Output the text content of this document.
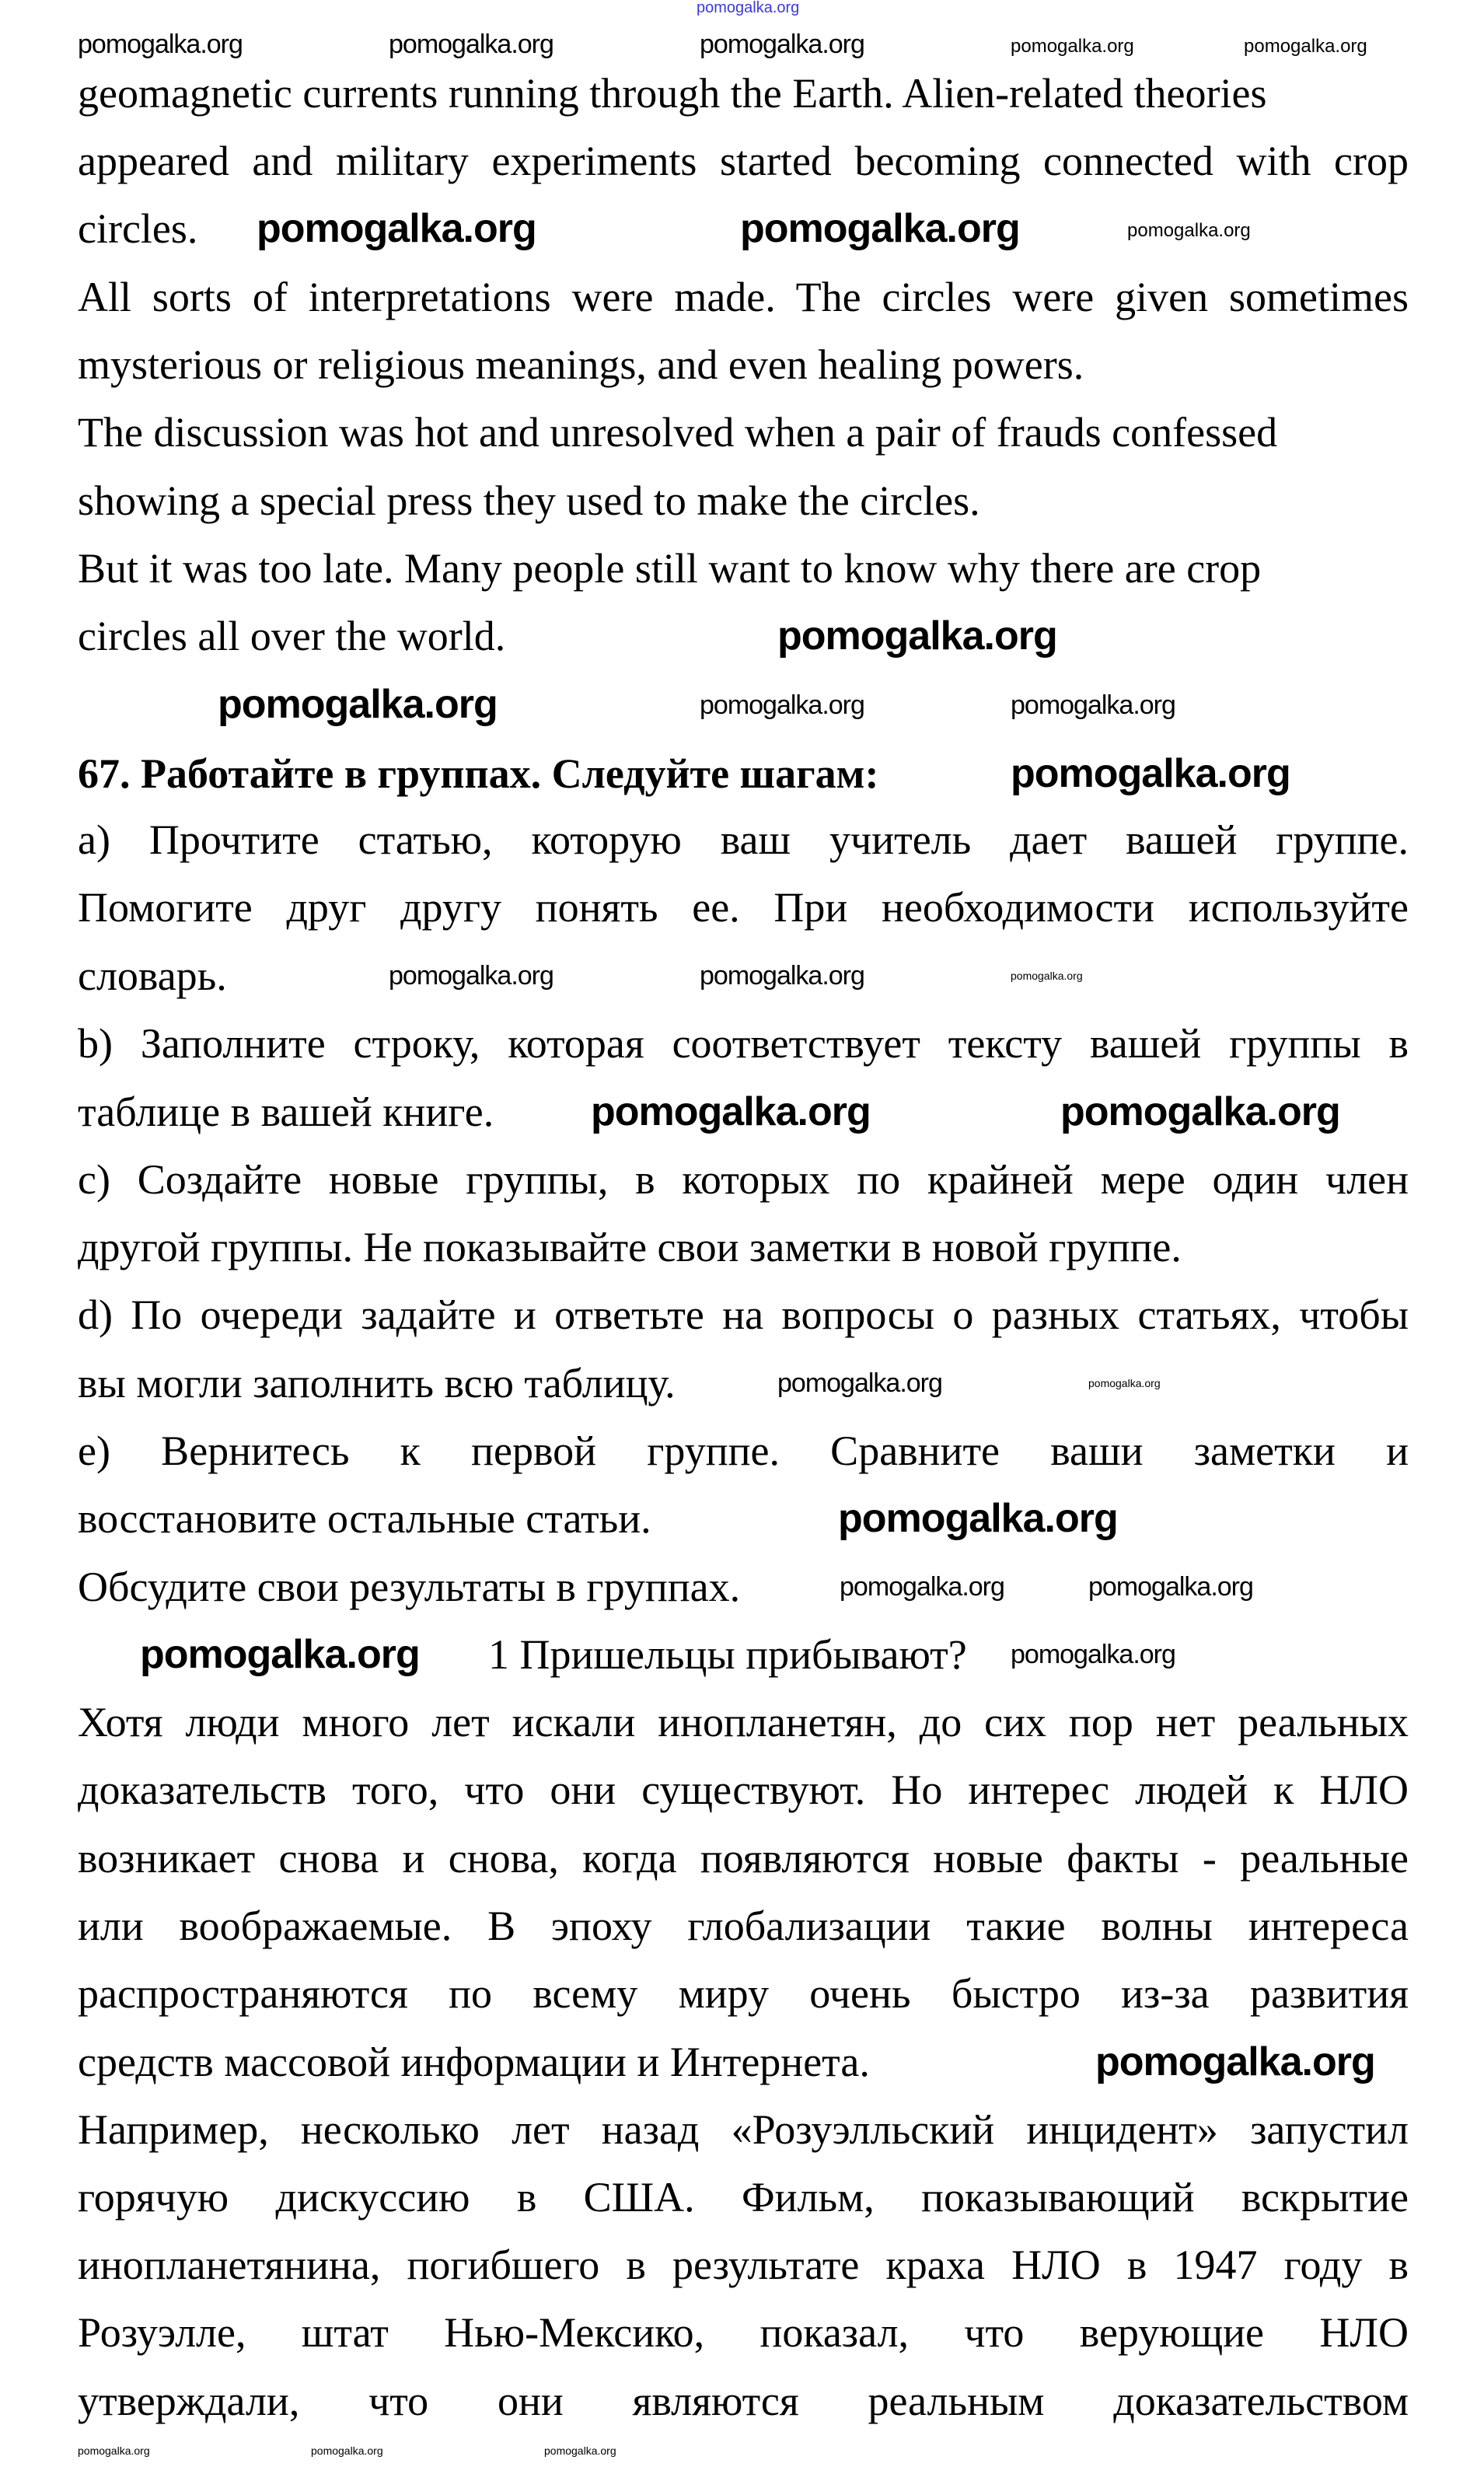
geomagnetic currents running through the Earth. Alien-related theories
appeared and military experiments started becoming connected with crop
circles.
All sorts of interpretations were made. The circles were given sometimes
mysterious or religious meanings, and even healing powers.
The discussion was hot and unresolved when a pair of frauds confessed
showing a special press they used to make the circles.
But it was too late. Many people still want to know why there are crop
circles all over the world.
67. Работайте в группах. Следуйте шагам:
a) Прочтите статью, которую ваш учитель дает вашей группе.
Помогите друг другу понять ее. При необходимости используйте
словарь.
b) Заполните строку, которая соответствует тексту вашей группы в
таблице в вашей книге.
c) Создайте новые группы, в которых по крайней мере один член
другой группы. Не показывайте свои заметки в новой группе.
d) По очереди задайте и ответьте на вопросы о разных статьях, чтобы
вы могли заполнить всю таблицу.
e) Вернитесь к первой группе. Сравните ваши заметки и
восстановите остальные статьи.
Обсудите свои результаты в группах.
1 Пришельцы прибывают?
Хотя люди много лет искали инопланетян, до сих пор нет реальных
доказательств того, что они существуют. Но интерес людей к НЛО
возникает снова и снова, когда появляются новые факты - реальные
или воображаемые. В эпоху глобализации такие волны интереса
распространяются по всему миру очень быстро из-за развития
средств массовой информации и Интернета.
Например, несколько лет назад «Розуэлльский инцидент» запустил
горячую дискуссию в США. Фильм, показывающий вскрытие
инопланетянина, погибшего в результате краха НЛО в 1947 году в
Розуэлле, штат Нью-Мексико, показал, что верующие НЛО
утверждали, что они являются реальным доказательством
pomogalka.org
pomogalka.org	pomogalka.org	pomogalka.org	pomogalka.org	pomogalka.org
pomogalka.org	pomogalka.org	pomogalka.org
pomogalka.org
pomogalka.org	pomogalka.org	pomogalka.org
pomogalka.org
pomogalka.org	pomogalka.org	pomogalka.org
pomogalka.org	pomogalka.org
pomogalka.org	pomogalka.org
pomogalka.org
pomogalka.org	pomogalka.org
pomogalka.org	pomogalka.org
pomogalka.org
pomogalka.org	pomogalka.org	pomogalka.org
